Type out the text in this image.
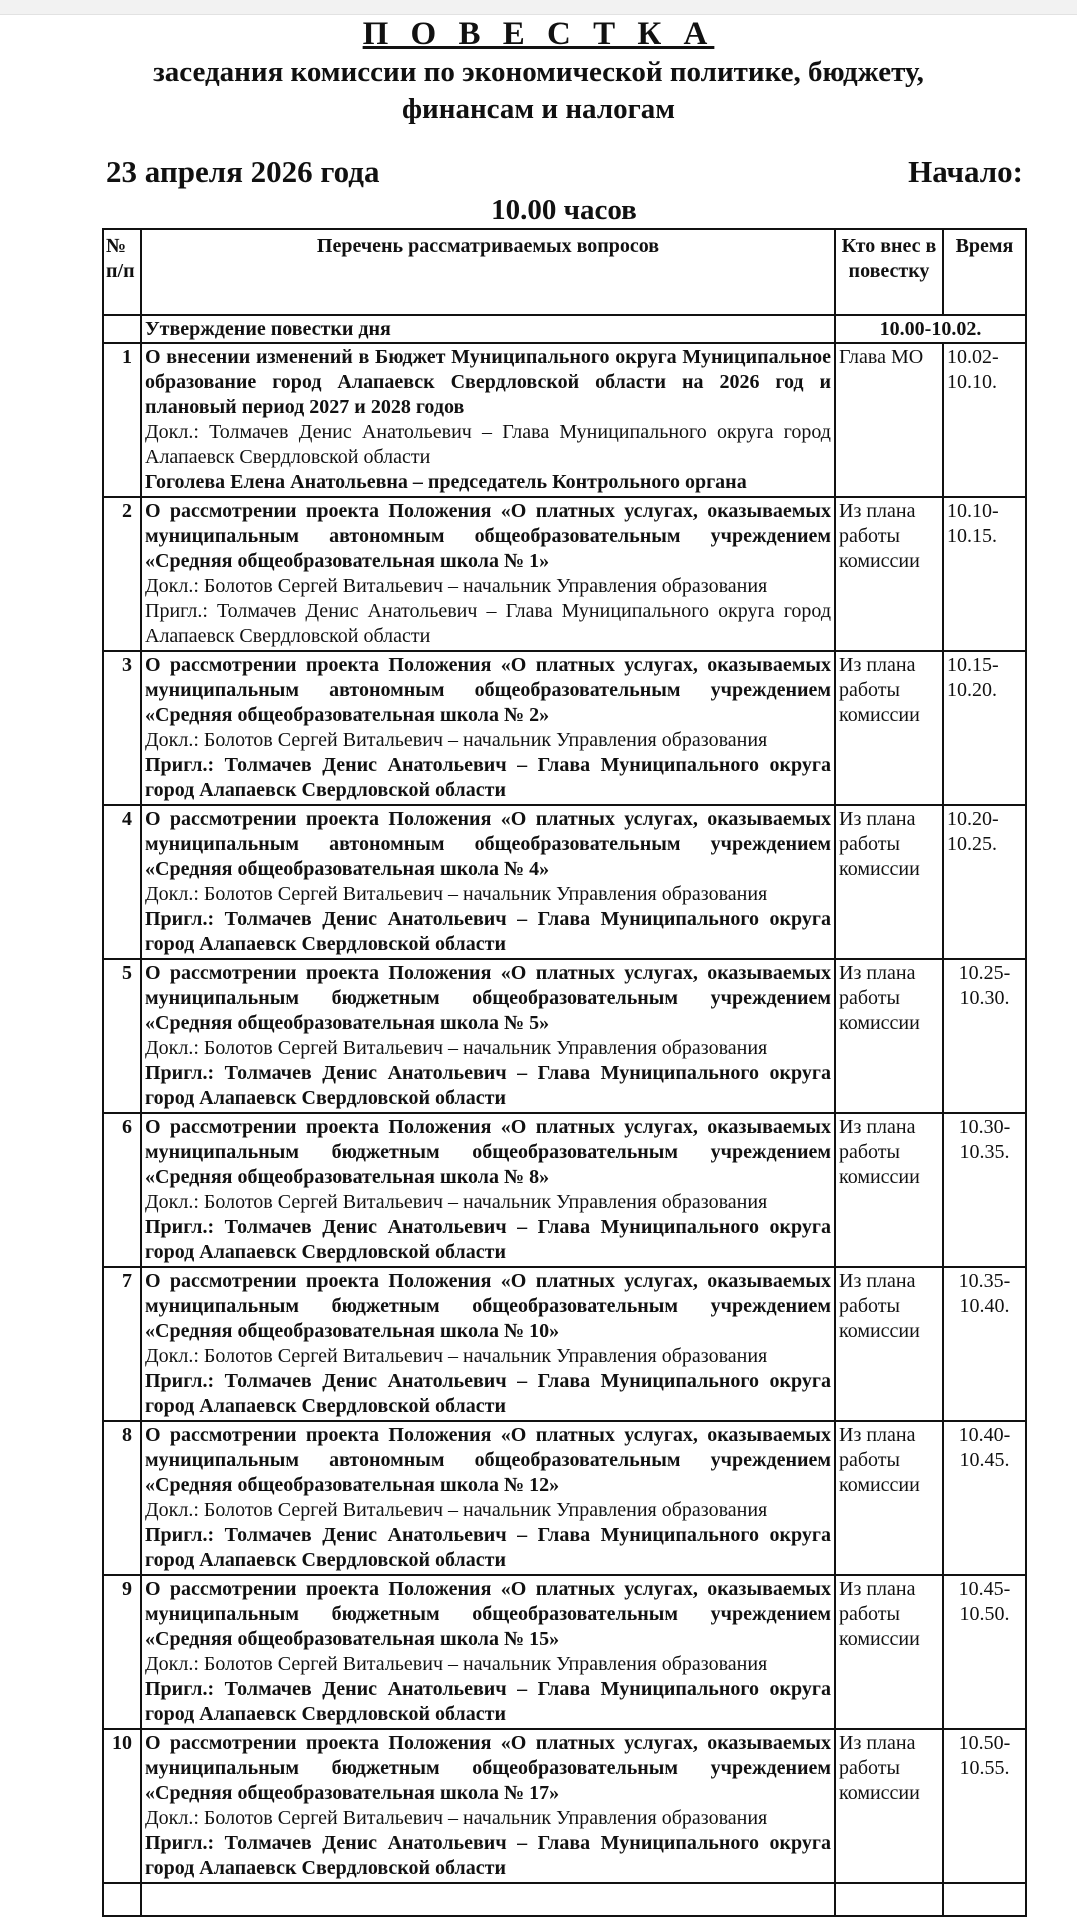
П О В Е С Т К А
заседания комиссии по экономической политике, бюджету,
финансам и налогам
23 апреля 2026 года	Начало:
10.00 часов
№ п/п	Перечень рассматриваемых вопросов	Кто внес в повестку	Время
	Утверждение повестки дня	10.00-10.02.	
1	О внесении изменений в Бюджет Муниципального округа Муниципальное образование город Алапаевск Свердловской области на 2026 год и плановый период 2027 и 2028 годов
Докл.: Толмачев Денис Анатольевич – Глава Муниципального округа город Алапаевск Свердловской области
Гоголева Елена Анатольевна – председатель Контрольного органа	Глава МО	10.02-10.10.
2	О рассмотрении проекта Положения «О платных услугах, оказываемых муниципальным автономным общеобразовательным учреждением «Средняя общеобразовательная школа № 1»
Докл.: Болотов Сергей Витальевич – начальник Управления образования
Пригл.: Толмачев Денис Анатольевич – Глава Муниципального округа город Алапаевск Свердловской области	Из плана работы комиссии	10.10-10.15.
3	О рассмотрении проекта Положения «О платных услугах, оказываемых муниципальным автономным общеобразовательным учреждением «Средняя общеобразовательная школа № 2»
Докл.: Болотов Сергей Витальевич – начальник Управления образования
Пригл.: Толмачев Денис Анатольевич – Глава Муниципального округа город Алапаевск Свердловской области	Из плана работы комиссии	10.15-10.20.
4	О рассмотрении проекта Положения «О платных услугах, оказываемых муниципальным автономным общеобразовательным учреждением «Средняя общеобразовательная школа № 4»
Докл.: Болотов Сергей Витальевич – начальник Управления образования
Пригл.: Толмачев Денис Анатольевич – Глава Муниципального округа город Алапаевск Свердловской области	Из плана работы комиссии	10.20-10.25.
5	О рассмотрении проекта Положения «О платных услугах, оказываемых муниципальным бюджетным общеобразовательным учреждением «Средняя общеобразовательная школа № 5»
Докл.: Болотов Сергей Витальевич – начальник Управления образования
Пригл.: Толмачев Денис Анатольевич – Глава Муниципального округа город Алапаевск Свердловской области	Из плана работы комиссии	10.25-10.30.
6	О рассмотрении проекта Положения «О платных услугах, оказываемых муниципальным бюджетным общеобразовательным учреждением «Средняя общеобразовательная школа № 8»
Докл.: Болотов Сергей Витальевич – начальник Управления образования
Пригл.: Толмачев Денис Анатольевич – Глава Муниципального округа город Алапаевск Свердловской области	Из плана работы комиссии	10.30-10.35.
7	О рассмотрении проекта Положения «О платных услугах, оказываемых муниципальным бюджетным общеобразовательным учреждением «Средняя общеобразовательная школа № 10»
Докл.: Болотов Сергей Витальевич – начальник Управления образования
Пригл.: Толмачев Денис Анатольевич – Глава Муниципального округа город Алапаевск Свердловской области	Из плана работы комиссии	10.35-10.40.
8	О рассмотрении проекта Положения «О платных услугах, оказываемых муниципальным автономным общеобразовательным учреждением «Средняя общеобразовательная школа № 12»
Докл.: Болотов Сергей Витальевич – начальник Управления образования
Пригл.: Толмачев Денис Анатольевич – Глава Муниципального округа город Алапаевск Свердловской области	Из плана работы комиссии	10.40-10.45.
9	О рассмотрении проекта Положения «О платных услугах, оказываемых муниципальным бюджетным общеобразовательным учреждением «Средняя общеобразовательная школа № 15»
Докл.: Болотов Сергей Витальевич – начальник Управления образования
Пригл.: Толмачев Денис Анатольевич – Глава Муниципального округа город Алапаевск Свердловской области	Из плана работы комиссии	10.45-10.50.
10	О рассмотрении проекта Положения «О платных услугах, оказываемых муниципальным бюджетным общеобразовательным учреждением «Средняя общеобразовательная школа № 17»
Докл.: Болотов Сергей Витальевич – начальник Управления образования
Пригл.: Толмачев Денис Анатольевич – Глава Муниципального округа город Алапаевск Свердловской области	Из плана работы комиссии	10.50-10.55.
